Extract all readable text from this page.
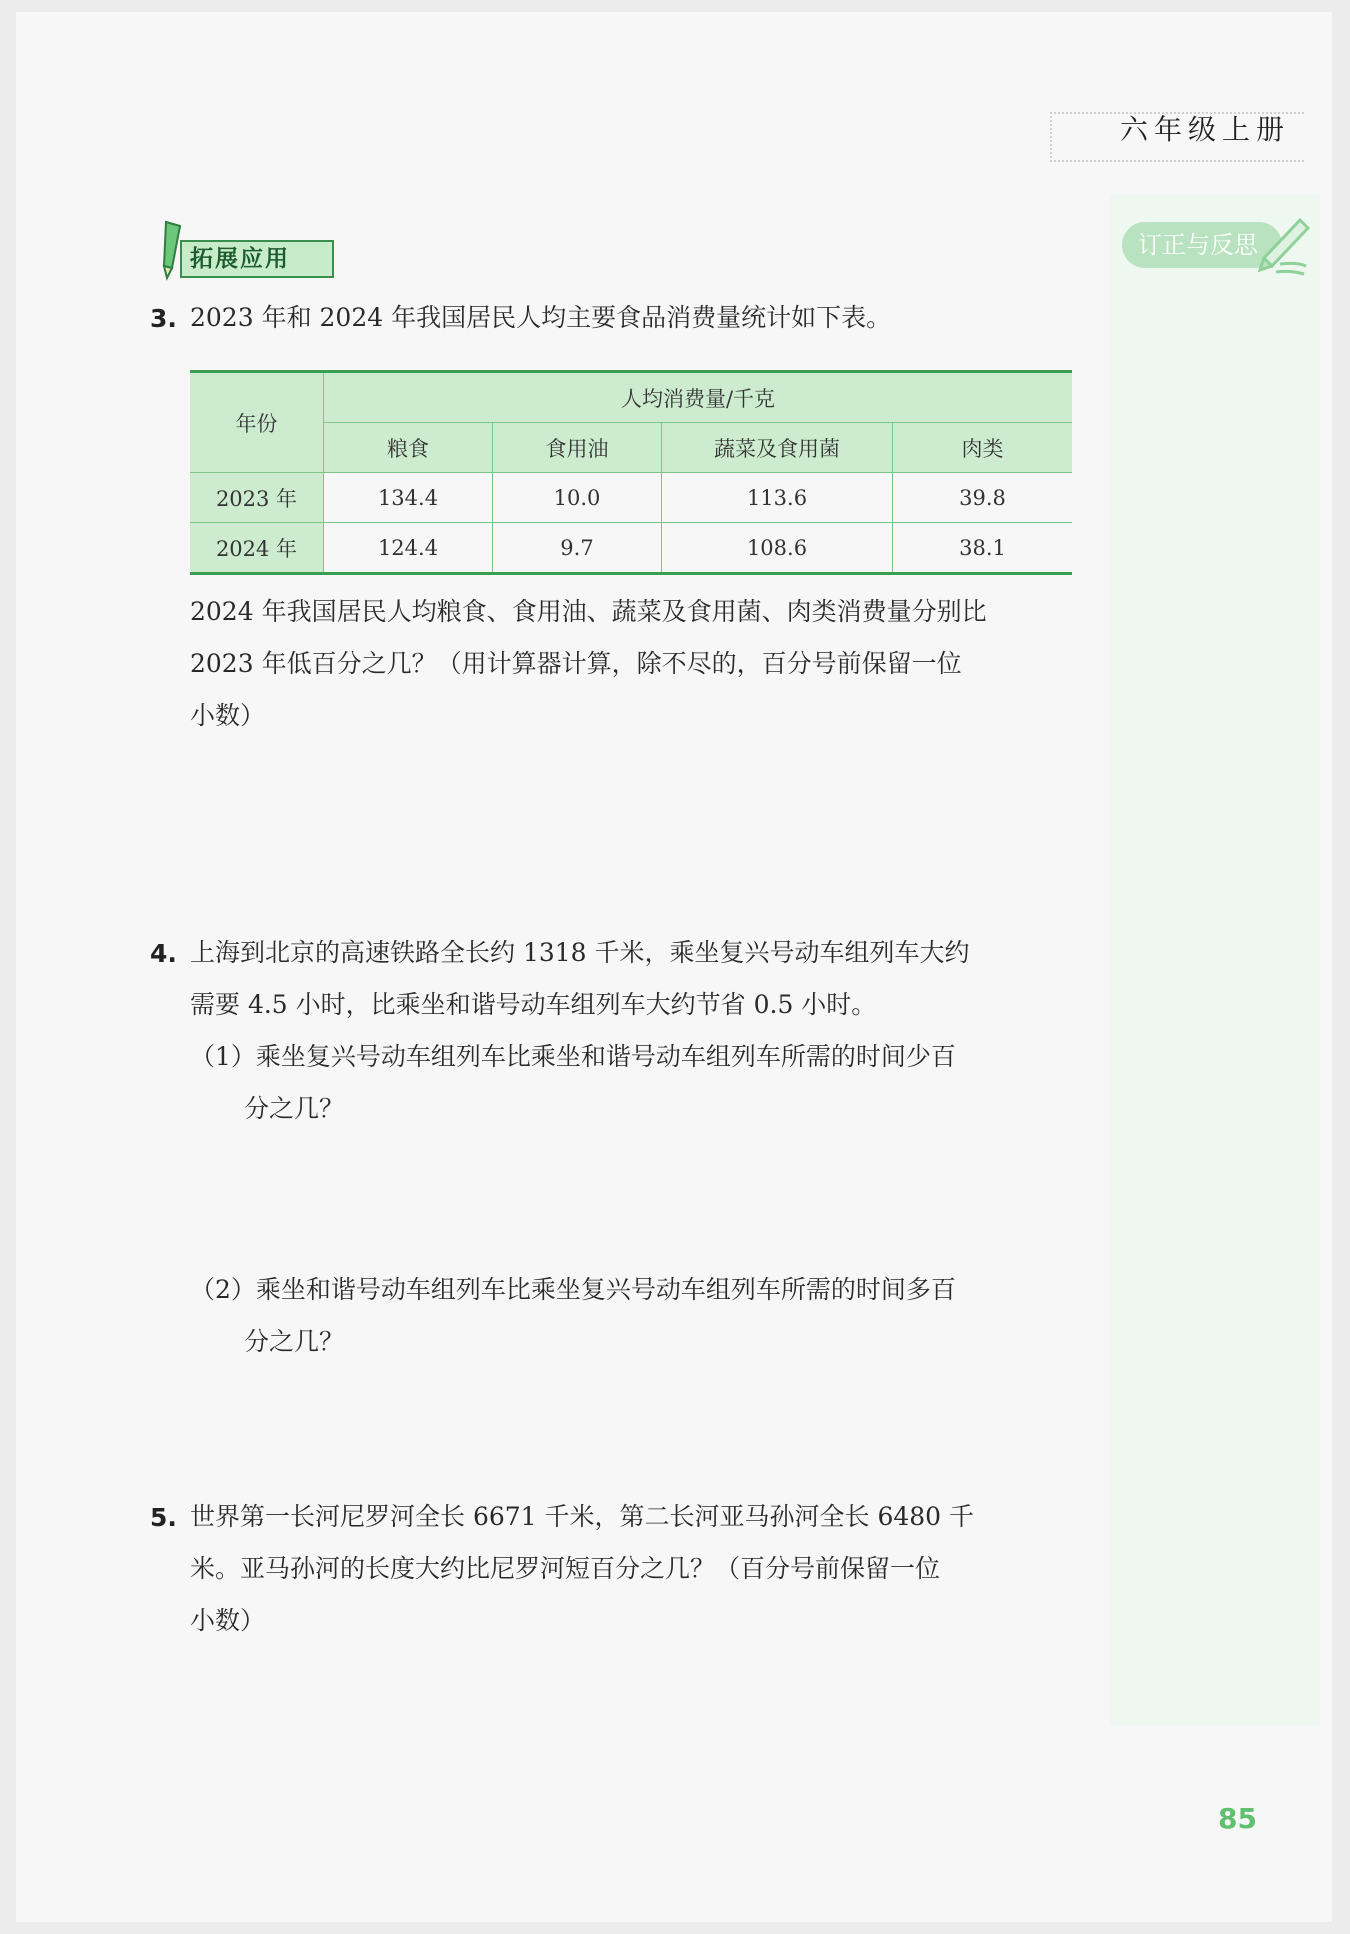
六年级上册
订正与反思
拓展应用
3. 2023 年和 2024 年我国居民人均主要食品消费量统计如下表。
年份	人均消费量/千克			
	粮食	食用油	蔬菜及食用菌	肉类
2023 年	134.4	10.0	113.6	39.8
2024 年	124.4	9.7	108.6	38.1
2024 年我国居民人均粮食、食用油、蔬菜及食用菌、肉类消费量分别比
2023 年低百分之几？（用计算器计算，除不尽的，百分号前保留一位
小数）
4. 上海到北京的高速铁路全长约 1318 千米，乘坐复兴号动车组列车大约
需要 4.5 小时，比乘坐和谐号动车组列车大约节省 0.5 小时。
（1）乘坐复兴号动车组列车比乘坐和谐号动车组列车所需的时间少百
分之几？
（2）乘坐和谐号动车组列车比乘坐复兴号动车组列车所需的时间多百
分之几？
5. 世界第一长河尼罗河全长 6671 千米，第二长河亚马孙河全长 6480 千
米。亚马孙河的长度大约比尼罗河短百分之几？（百分号前保留一位
小数）
85
